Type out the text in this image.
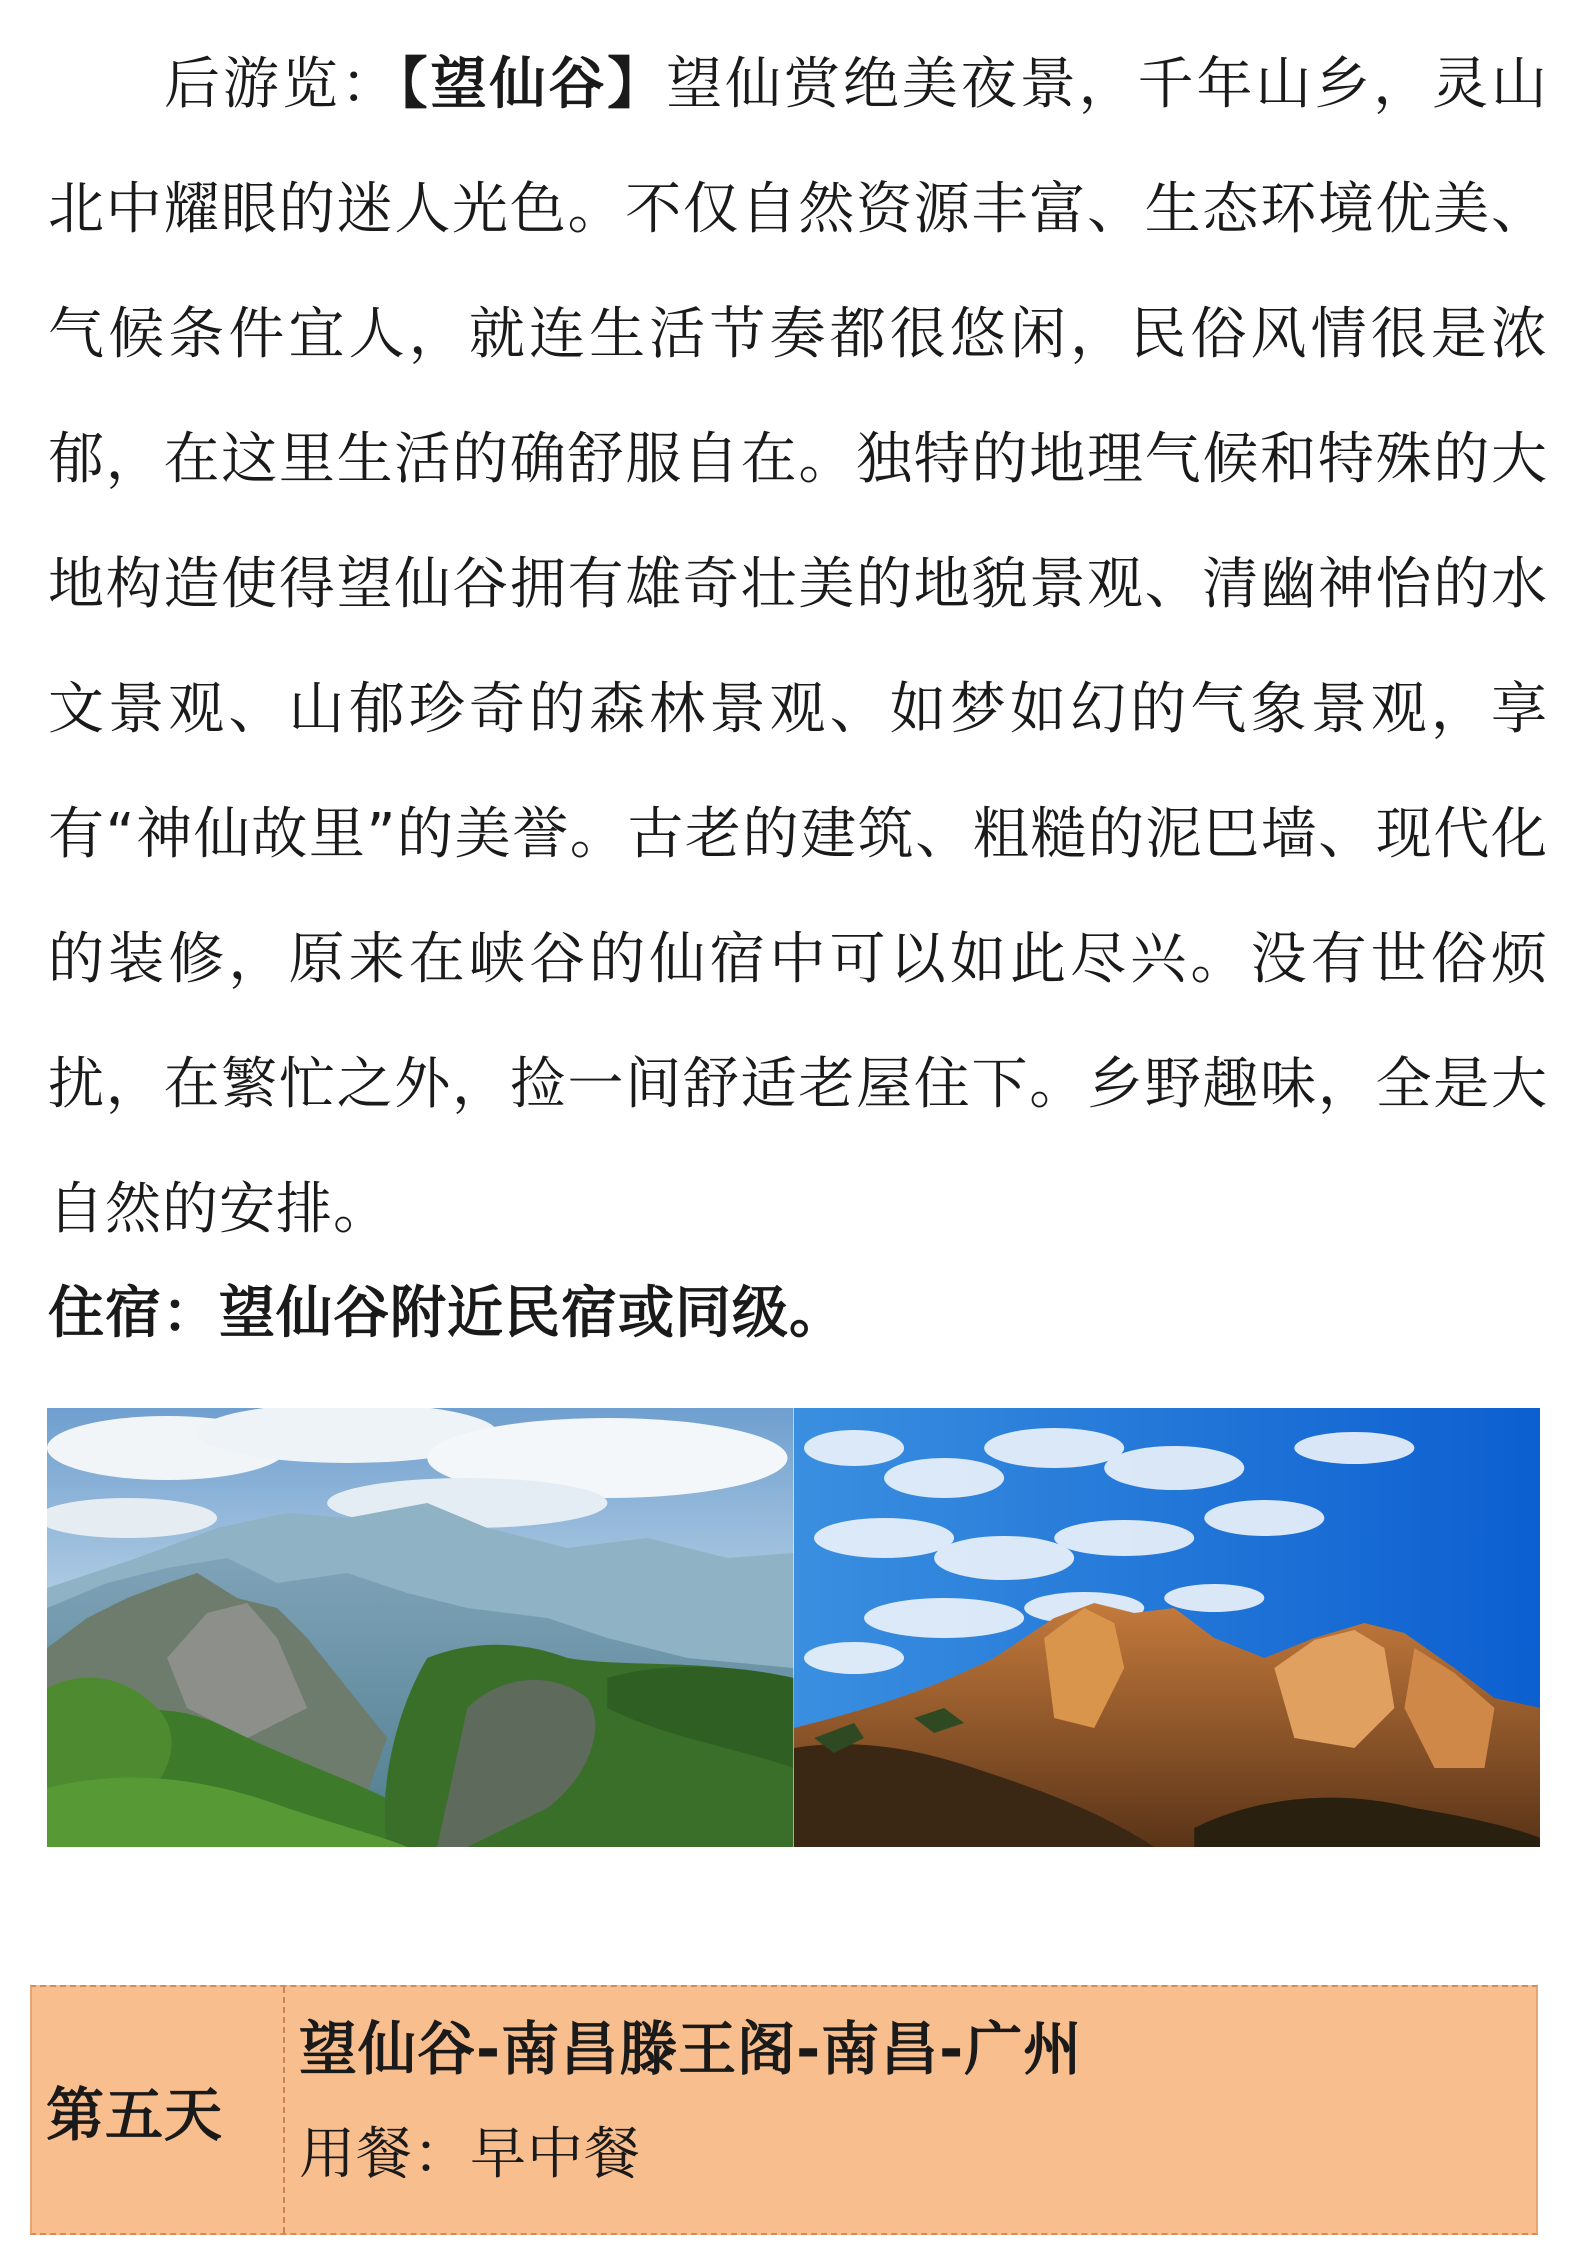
后游览：【望仙谷】望仙赏绝美夜景，千年山乡，灵山北中耀眼的迷人光色。不仅自然资源丰富、生态环境优美、气候条件宜人，就连生活节奏都很悠闲，民俗风情很是浓郁，在这里生活的确舒服自在。独特的地理气候和特殊的大地构造使得望仙谷拥有雄奇壮美的地貌景观、清幽神怡的水文景观、山郁珍奇的森林景观、如梦如幻的气象景观，享有“神仙故里”的美誉。古老的建筑、粗糙的泥巴墙、现代化的装修，原来在峡谷的仙宿中可以如此尽兴。没有世俗烦扰，在繁忙之外，捡一间舒适老屋住下。乡野趣味，全是大自然的安排。

住宿：望仙谷附近民宿或同级。

第五天
望仙谷-南昌滕王阁-南昌-广州
用餐：早中餐
